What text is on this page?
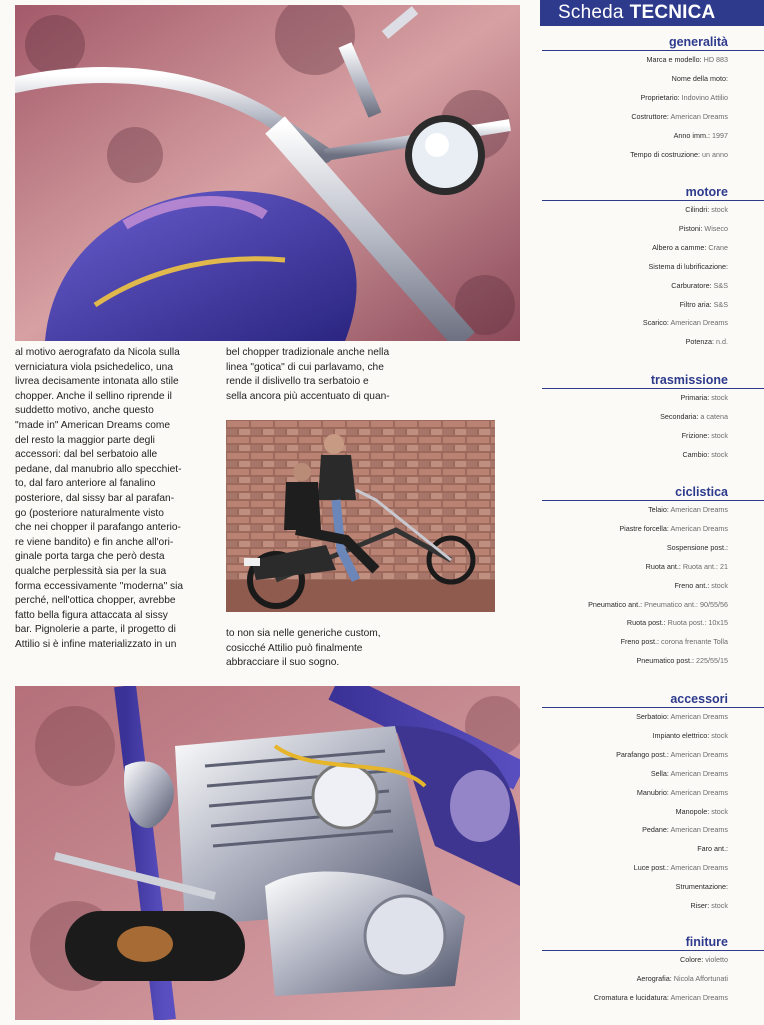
al motivo aerografato da Nicola sulla
verniciatura viola psichedelico, una
livrea decisamente intonata allo stile
chopper. Anche il sellino riprende il
suddetto motivo, anche questo
"made in" American Dreams come
del resto la maggior parte degli
accessori: dal bel serbatoio alle
pedane, dal manubrio allo specchiet-
to, dal faro anteriore al fanalino
posteriore, dal sissy bar al parafan-
go (posteriore naturalmente visto
che nei chopper il parafango anterio-
re viene bandito) e fin anche all'ori-
ginale porta targa che però desta
qualche perplessità sia per la sua
forma eccessivamente "moderna" sia
perché, nell'ottica chopper, avrebbe
fatto bella figura attaccata al sissy
bar. Pignolerie a parte, il progetto di
Attilio si è infine materializzato in un
bel chopper tradizionale anche nella
linea "gotica" di cui parlavamo, che
rende il dislivello tra serbatoio e
sella ancora più accentuato di quan-
to non sia nelle generiche custom,
cosicché Attilio può finalmente
abbracciare il suo sogno.
Scheda TECNICA
generalità
Marca e modello: HD 883
Nome della moto:
Proprietario: Indovino Attilio
Costruttore: American Dreams
Anno imm.: 1997
Tempo di costruzione: un anno
motore
Cilindri: stock
Pistoni: Wiseco
Albero a camme: Crane
Sistema di lubrificazione:
Carburatore: S&S
Filtro aria: S&S
Scarico: American Dreams
Potenza: n.d.
trasmissione
Primaria: stock
Secondaria: a catena
Frizione: stock
Cambio: stock
ciclistica
Telaio: American Dreams
Piastre forcella: American Dreams
Sospensione post.:
Ruota ant.: Ruota ant.: 21
Freno ant.: stock
Pneumatico ant.: Pneumatico ant.: 90/55/56
Ruota post.: Ruota post.: 10x15
Freno post.: corona frenante Tolla
Pneumatico post.: 225/55/15
accessori
Serbatoio: American Dreams
Impianto elettrico: stock
Parafango post.: American Dreams
Sella: American Dreams
Manubrio: American Dreams
Manopole: stock
Pedane: American Dreams
Faro ant.:
Luce post.: American Dreams
Strumentazione:
Riser: stock
finiture
Colore: violetto
Aerografia: Nicola Affortunati
Cromatura e lucidatura: American Dreams
